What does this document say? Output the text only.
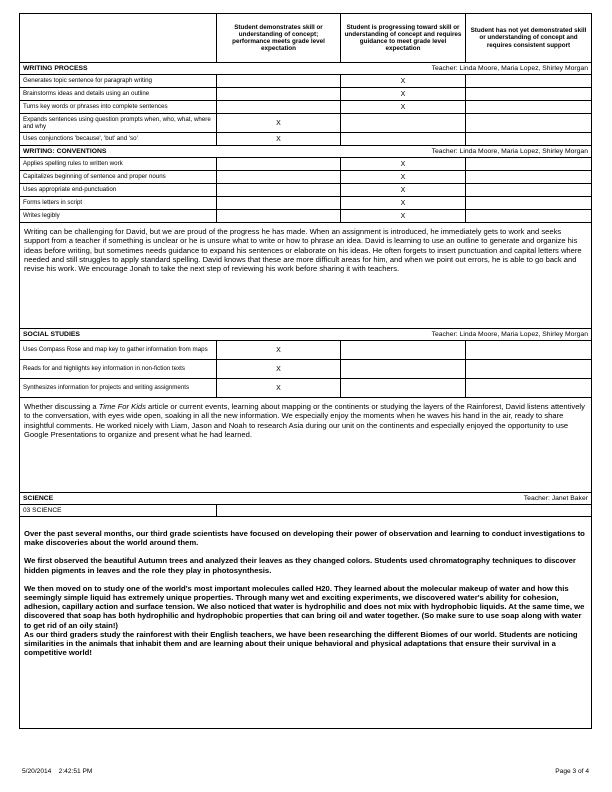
	Student demonstrates skill or understanding of concept; performance meets grade level expectation	Student is progressing toward skill or understanding of concept and requires guidance to meet grade level expectation	Student has not yet demonstrated skill or understanding of concept and requires consistent support

WRITING PROCESS Teacher: Linda Moore, Maria Lopez, Shirley Morgan			

Generates topic sentence for paragraph writing		X	
Brainstorms ideas and details using an outline		X	
Turns key words or phrases into complete sentences		X	
Expands sentences using question prompts when, who, what, where and why	X		
Uses conjunctions 'because', 'but' and 'so'	X		

WRITING: CONVENTIONS Teacher: Linda Moore, Maria Lopez, Shirley Morgan			

Applies spelling rules to written work		X	
Capitalizes beginning of sentence and proper nouns		X	
Uses appropriate end-punctuation		X	
Forms letters in script		X	
Writes legibly		X	
Writing can be challenging for David, but we are proud of the progress he has made. When an assignment is introduced, he immediately gets to work and seeks support from a teacher if something is unclear or he is unsure what to write or how to phrase an idea. David is learning to use an outline to generate and organize his ideas before writing, but sometimes needs guidance to expand his sentences or elaborate on his ideas. He often forgets to insert punctuation and capital letters where needed and still struggles to apply standard spelling. David knows that these are more difficult areas for him, and when we point out errors, he is able to go back and revise his work. We encourage Jonah to take the next step of reviewing his work before sharing it with teachers.			

SOCIAL STUDIES Teacher: Linda Moore, Maria Lopez, Shirley Morgan			

Uses Compass Rose and map key to gather information from maps	X		
Reads for and highlights key information in non-fiction texts	X		
Synthesizes information for projects and writing assignments	X		
Whether discussing a Time For Kids article or current events, learning about mapping or the continents or studying the layers of the Rainforest, David listens attentively to the conversation, with eyes wide open, soaking in all the new information. We especially enjoy the moments when he waves his hand in the air, ready to share insightful comments. He worked nicely with Liam, Jason and Noah to research Asia during our unit on the continents and especially enjoyed the opportunity to use Google Presentations to organize and present what he had learned.			

SCIENCE Teacher: Janet Baker			

03 SCIENCE			

Over the past several months, our third grade scientists have focused on developing their power of observation and learning to conduct investigations to make discoveries about the world around them.

We first observed the beautiful Autumn trees and analyzed their leaves as they changed colors. Students used chromatography techniques to discover hidden pigments in leaves and the role they play in photosynthesis.

We then moved on to study one of the world's most important molecules called H20. They learned about the molecular makeup of water and how this seemingly simple liquid has extremely unique properties. Through many wet and exciting experiments, we discovered water's ability for cohesion, adhesion, capillary action and surface tension. We also noticed that water is hydrophilic and does not mix with hydrophobic liquids. At the same time, we discovered that soap has both hydrophilic and hydrophobic properties that can bring oil and water together. (So make sure to use soap along with water to get rid of an oily stain!)

As our third graders study the rainforest with their English teachers, we have been researching the different Biomes of our world. Students are noticing similarities in the animals that inhabit them and are learning about their unique behavioral and physical adaptations that ensure their survival in a competitive world!			

5/20/2014    2:42:51 PM	Page 3 of 4
